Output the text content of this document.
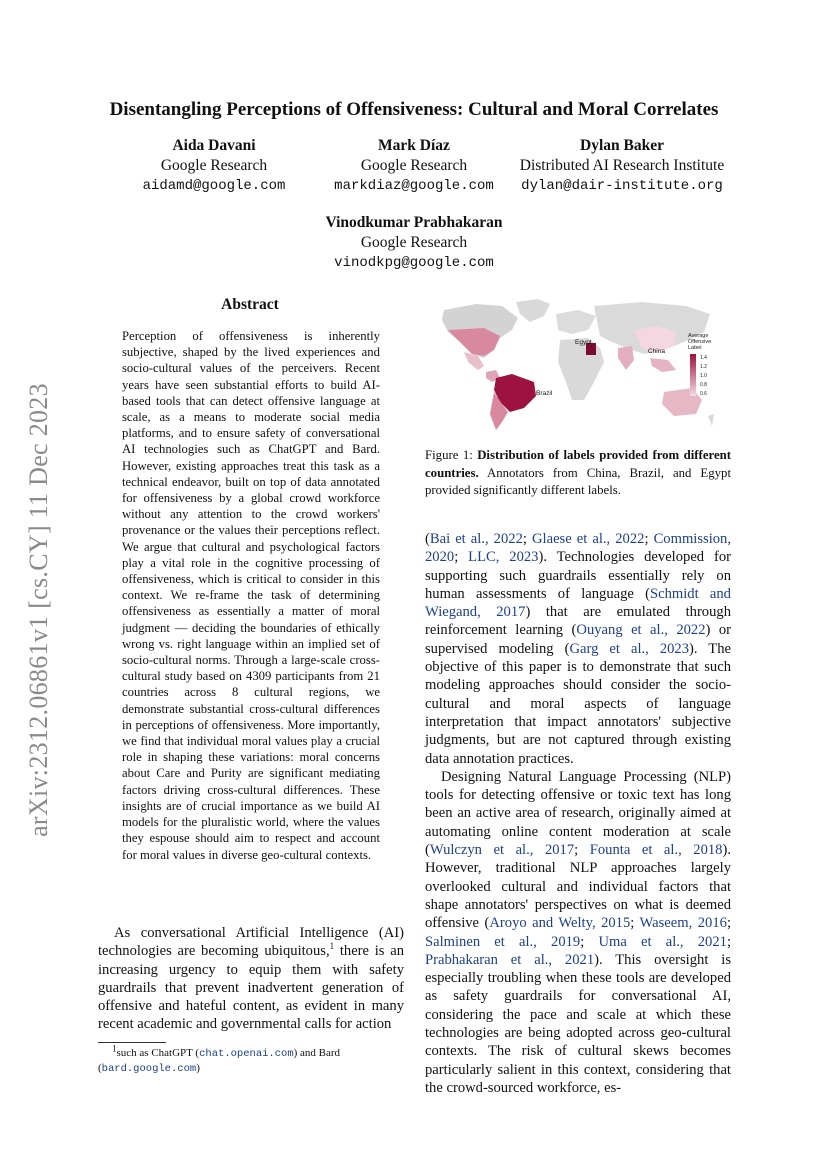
arXiv:2312.06861v1 [cs.CY] 11 Dec 2023
Disentangling Perceptions of Offensiveness: Cultural and Moral Correlates
Aida Davani
Google Research
aidamd@google.com
Mark Díaz
Google Research
markdiaz@google.com
Dylan Baker
Distributed AI Research Institute
dylan@dair-institute.org
Vinodkumar Prabhakaran
Google Research
vinodkpg@google.com
Abstract
Perception of offensiveness is inherently subjective, shaped by the lived experiences and socio-cultural values of the perceivers. Recent years have seen substantial efforts to build AI-based tools that can detect offensive language at scale, as a means to moderate social media platforms, and to ensure safety of conversational AI technologies such as ChatGPT and Bard. However, existing approaches treat this task as a technical endeavor, built on top of data annotated for offensiveness by a global crowd workforce without any attention to the crowd workers' provenance or the values their perceptions reflect. We argue that cultural and psychological factors play a vital role in the cognitive processing of offensiveness, which is critical to consider in this context. We re-frame the task of determining offensiveness as essentially a matter of moral judgment — deciding the boundaries of ethically wrong vs. right language within an implied set of socio-cultural norms. Through a large-scale cross-cultural study based on 4309 participants from 21 countries across 8 cultural regions, we demonstrate substantial cross-cultural differences in perceptions of offensiveness. More importantly, we find that individual moral values play a crucial role in shaping these variations: moral concerns about Care and Purity are significant mediating factors driving cross-cultural differences. These insights are of crucial importance as we build AI models for the pluralistic world, where the values they espouse should aim to respect and account for moral values in diverse geo-cultural contexts.

As conversational Artificial Intelligence (AI) technologies are becoming ubiquitous,$^1$ there is an increasing urgency to equip them with safety guardrails that prevent inadvertent generation of offensive and hateful content, as evident in many recent academic and governmental calls for action

$^1$such as ChatGPT (chat.openai.com) and Bard (bard.google.com)
Egypt
China
Brazil
Average
Offensive
Label
1.4
1.2
1.0
0.8
0.6
Figure 1: Distribution of labels provided from different countries. Annotators from China, Brazil, and Egypt provided significantly different labels.

(Bai et al., 2022; Glaese et al., 2022; Commission, 2020; LLC, 2023). Technologies developed for supporting such guardrails essentially rely on human assessments of language (Schmidt and Wiegand, 2017) that are emulated through reinforcement learning (Ouyang et al., 2022) or supervised modeling (Garg et al., 2023). The objective of this paper is to demonstrate that such modeling approaches should consider the socio-cultural and moral aspects of language interpretation that impact annotators' subjective judgments, but are not captured through existing data annotation practices.

Designing Natural Language Processing (NLP) tools for detecting offensive or toxic text has long been an active area of research, originally aimed at automating online content moderation at scale (Wulczyn et al., 2017; Founta et al., 2018). However, traditional NLP approaches largely overlooked cultural and individual factors that shape annotators' perspectives on what is deemed offensive (Aroyo and Welty, 2015; Waseem, 2016; Salminen et al., 2019; Uma et al., 2021; Prabhakaran et al., 2021). This oversight is especially troubling when these tools are developed as safety guardrails for conversational AI, considering the pace and scale at which these technologies are being adopted across geo-cultural contexts. The risk of cultural skews becomes particularly salient in this context, considering that the crowd-sourced workforce, es-
